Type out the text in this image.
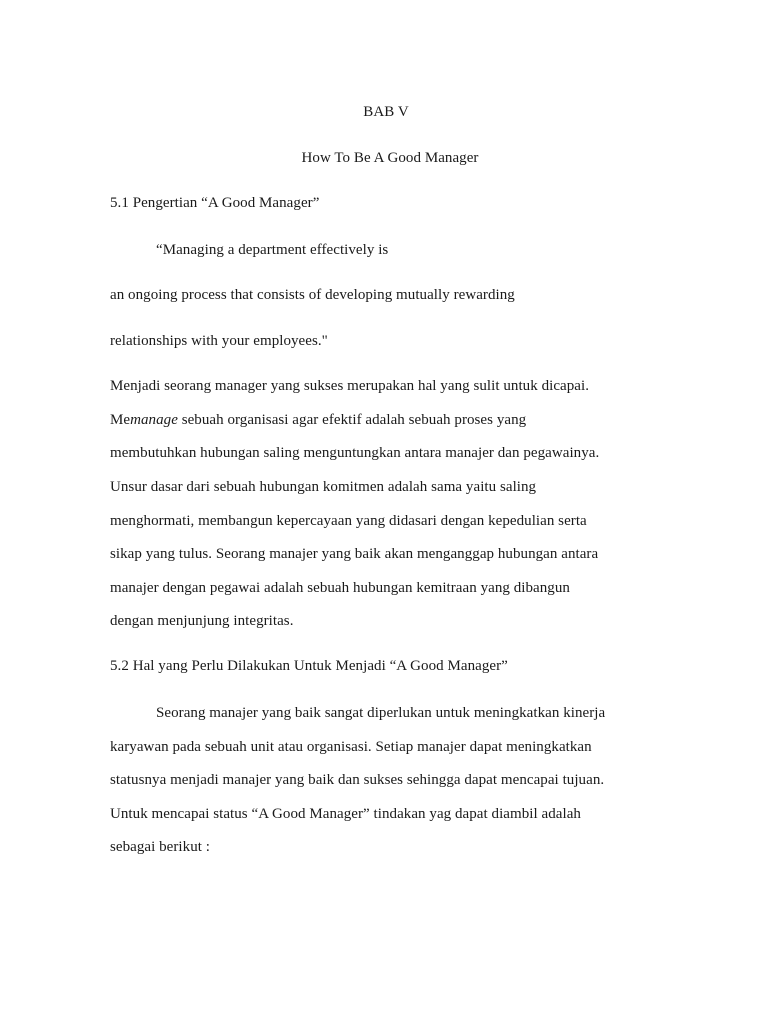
BAB V
How To Be A Good Manager
5.1 Pengertian “A Good Manager”
“Managing a department effectively is
an ongoing process that consists of developing mutually rewarding
relationships with your employees."
Menjadi seorang manager yang sukses merupakan hal yang sulit untuk dicapai.
Memanage sebuah organisasi agar efektif adalah sebuah proses yang
membutuhkan hubungan saling menguntungkan antara manajer dan pegawainya.
Unsur dasar dari sebuah hubungan komitmen adalah sama yaitu saling
menghormati, membangun kepercayaan yang didasari dengan kepedulian serta
sikap yang tulus. Seorang manajer yang baik akan menganggap hubungan antara
manajer dengan pegawai adalah sebuah hubungan kemitraan yang dibangun
dengan menjunjung integritas.
5.2 Hal yang Perlu Dilakukan Untuk Menjadi “A Good Manager”
Seorang manajer yang baik sangat diperlukan untuk meningkatkan kinerja
karyawan pada sebuah unit atau organisasi. Setiap manajer dapat meningkatkan
statusnya menjadi manajer yang baik dan sukses sehingga dapat mencapai tujuan.
Untuk mencapai status “A Good Manager” tindakan yag dapat diambil adalah
sebagai berikut :
